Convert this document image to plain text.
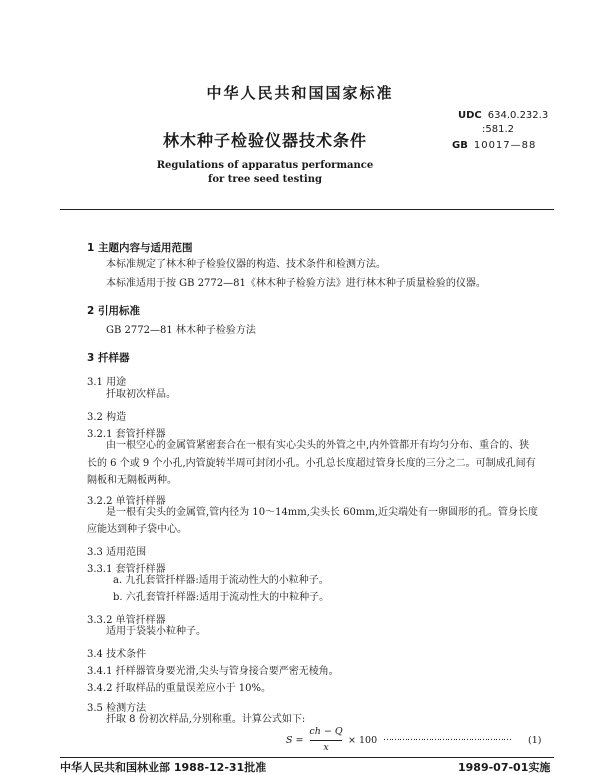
中华人民共和国国家标准
UDC 634.0.232.3
:581.2
GB 10017—88
林木种子检验仪器技术条件
Regulations of apparatus performance
for tree seed testing
1 主题内容与适用范围
本标准规定了林木种子检验仪器的构造、技术条件和检测方法。
本标准适用于按 GB 2772—81《林木种子检验方法》进行林木种子质量检验的仪器。
2 引用标准
GB 2772—81 林木种子检验方法
3 扦样器
3.1 用途
扦取初次样品。
3.2 构造
3.2.1 套管扦样器
由一根空心的金属管紧密套合在一根有实心尖头的外管之中,内外管都开有均匀分布、重合的、狭
长的 6 个或 9 个小孔,内管旋转半周可封闭小孔。小孔总长度超过管身长度的三分之二。可制成孔间有
隔板和无隔板两种。
3.2.2 单管扦样器
是一根有尖头的金属管,管内径为 10～14mm,尖头长 60mm,近尖端处有一卵圆形的孔。管身长度
应能达到种子袋中心。
3.3 适用范围
3.3.1 套管扦样器
a. 九孔套管扦样器:适用于流动性大的小粒种子。
b. 六孔套管扦样器:适用于流动性大的中粒种子。
3.3.2 单管扦样器
适用于袋装小粒种子。
3.4 技术条件
3.4.1 扦样器管身要光滑,尖头与管身接合要严密无棱角。
3.4.2 扦取样品的重量误差应小于 10%。
3.5 检测方法
扦取 8 份初次样品,分别称重。计算公式如下:
S =
ch − Q
x
× 100 ………………………………………… (1)
中华人民共和国林业部 1988-12-31批准	1989-07-01实施
